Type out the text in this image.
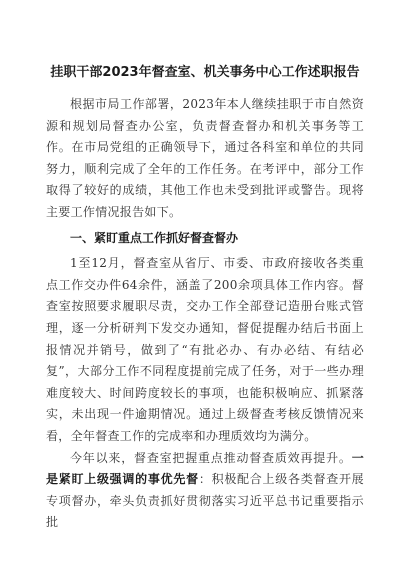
挂职干部2023年督查室、机关事务中心工作述职报告

根据市局工作部署，2023年本人继续挂职于市自然资源和规划局督查办公室，负责督查督办和机关事务等工作。在市局党组的正确领导下，通过各科室和单位的共同努力，顺利完成了全年的工作任务。在考评中，部分工作取得了较好的成绩，其他工作也未受到批评或警告。现将主要工作情况报告如下。

一、紧盯重点工作抓好督查督办

1至12月，督查室从省厅、市委、市政府接收各类重点工作交办件64余件，涵盖了200余项具体工作内容。督查室按照要求履职尽责，交办工作全部登记造册台账式管理，逐一分析研判下发交办通知，督促提醒办结后书面上报情况并销号，做到了“有批必办、有办必结、有结必复”，大部分工作不同程度提前完成了任务，对于一些办理难度较大、时间跨度较长的事项，也能积极响应、抓紧落实，未出现一件逾期情况。通过上级督查考核反馈情况来看，全年督查工作的完成率和办理质效均为满分。

今年以来，督查室把握重点推动督查质效再提升。一是紧盯上级强调的事优先督：积极配合上级各类督查开展专项督办，牵头负责抓好贯彻落实习近平总书记重要指示批
